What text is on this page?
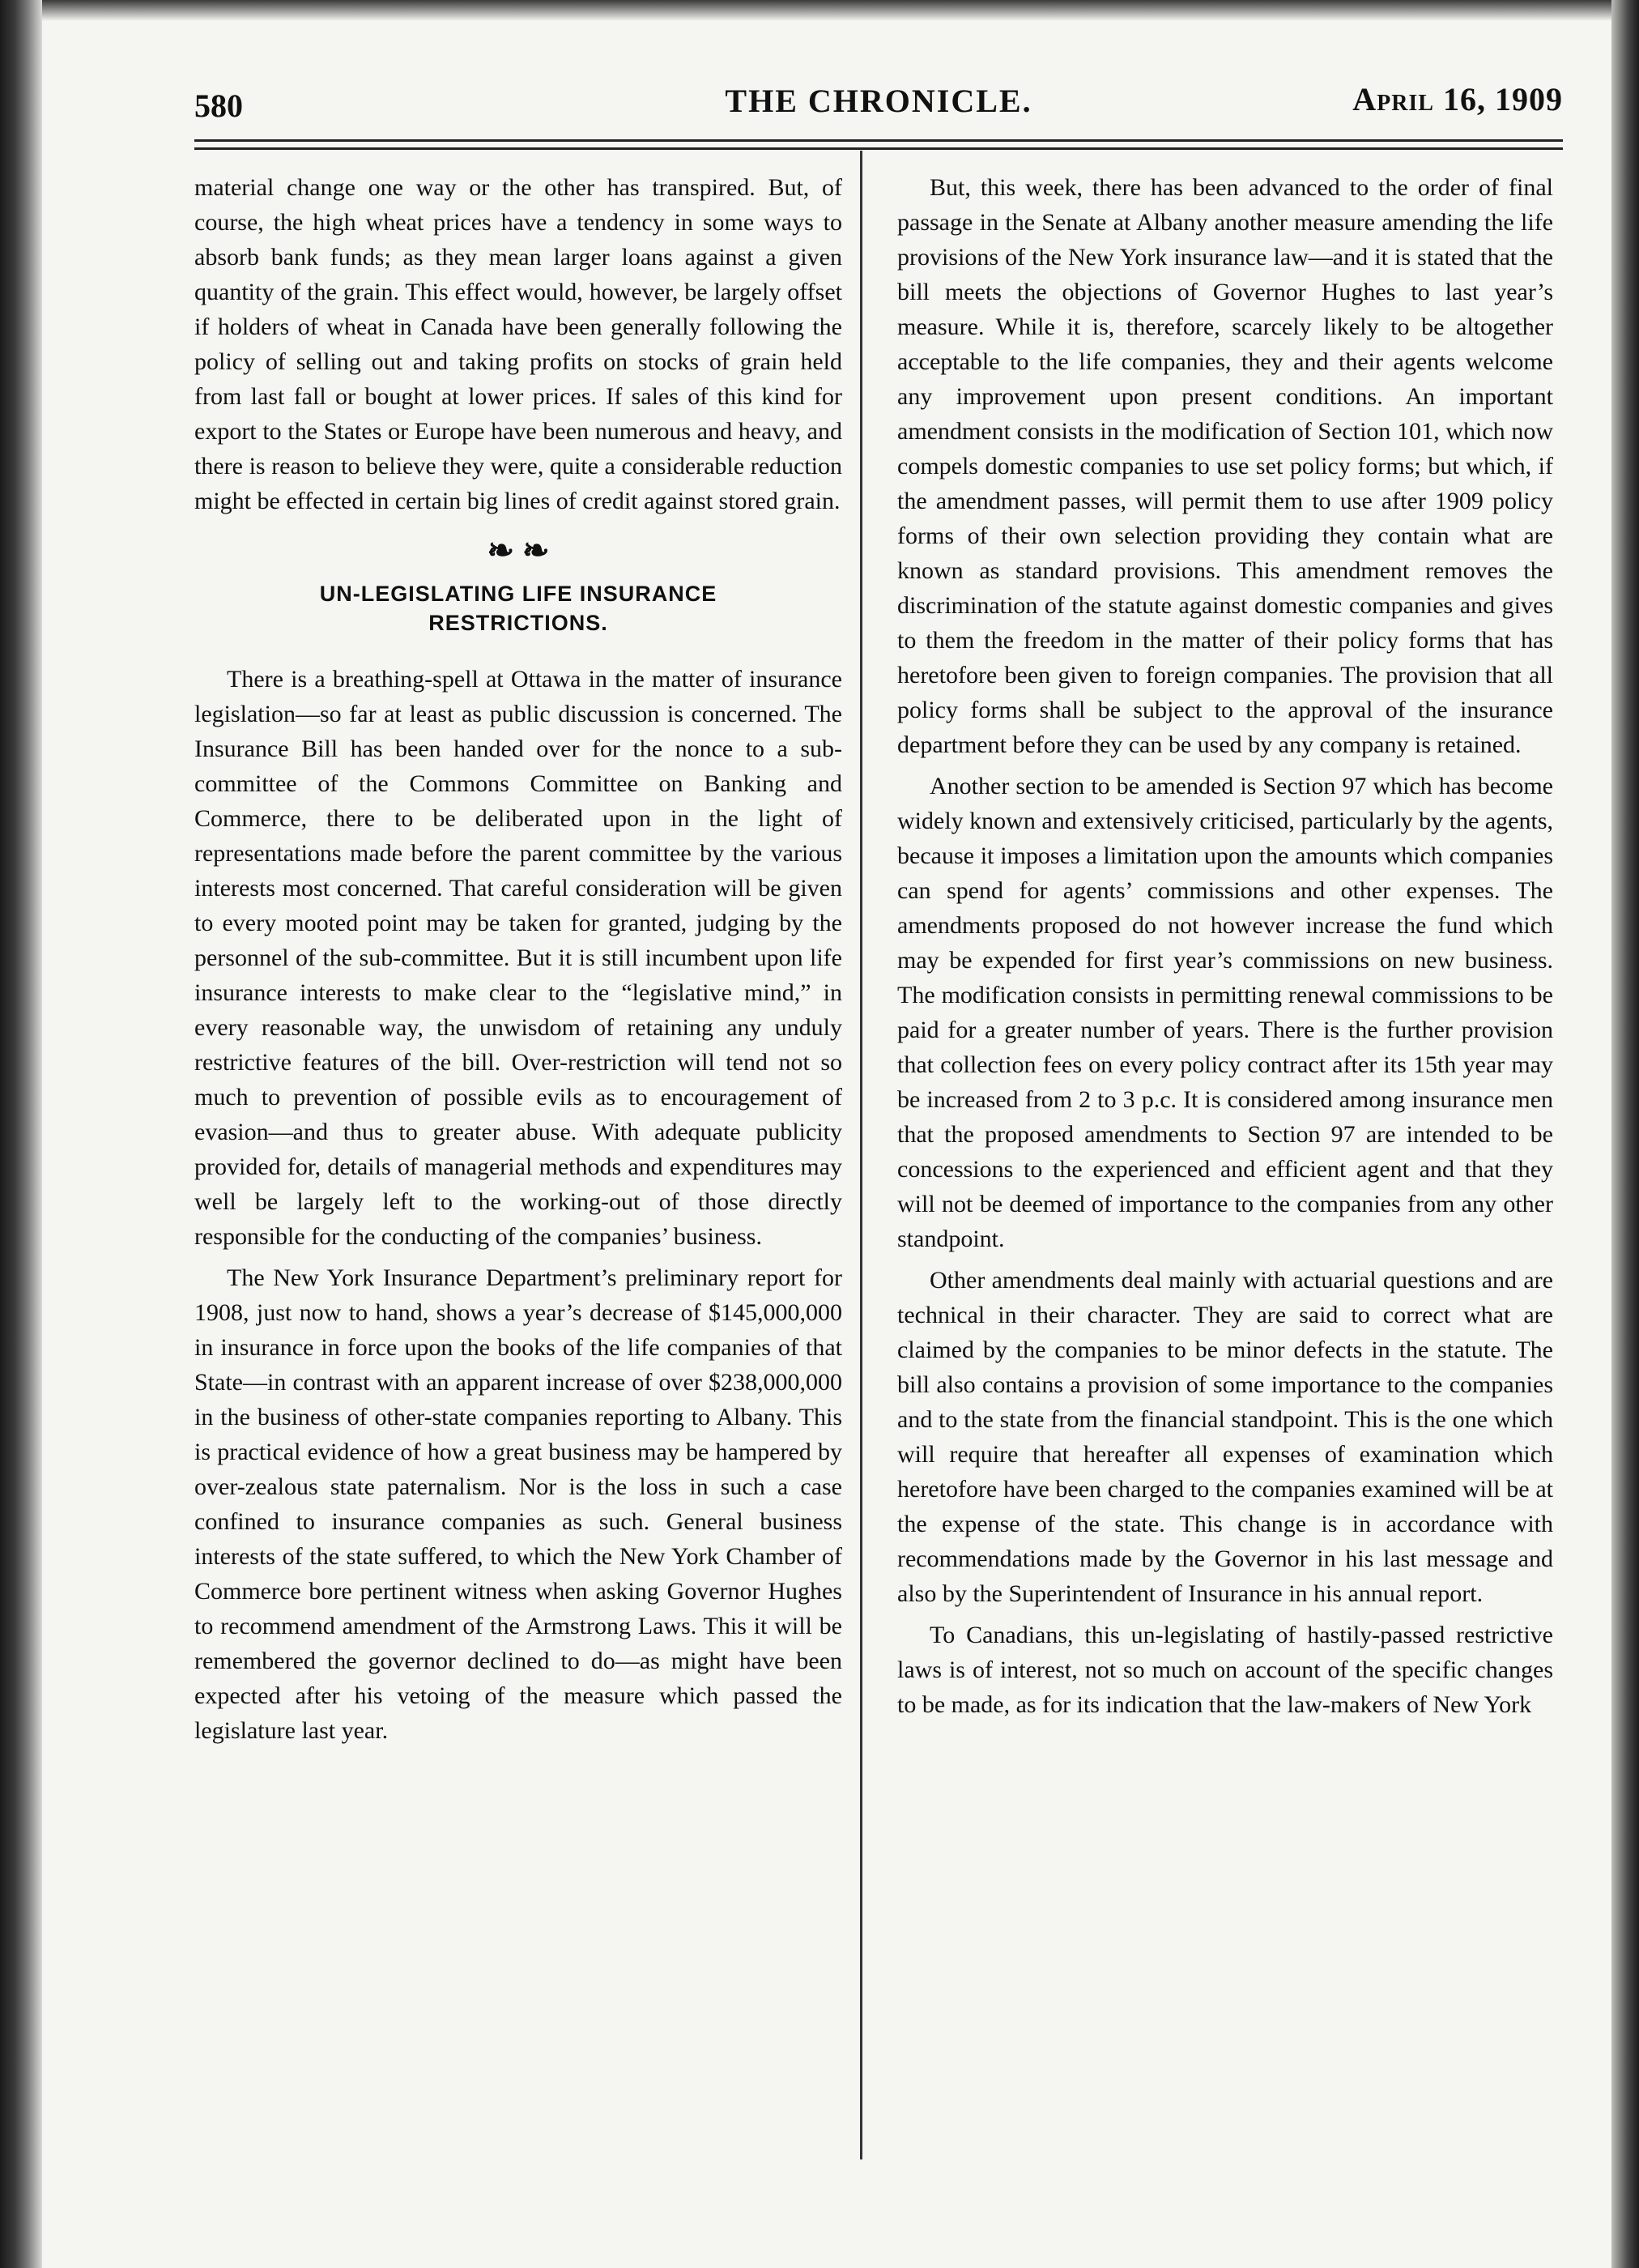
580	THE CHRONICLE.	April 16, 1909

material change one way or the other has transpired. But, of course, the high wheat prices have a tendency in some ways to absorb bank funds; as they mean larger loans against a given quantity of the grain. This effect would, however, be largely offset if holders of wheat in Canada have been generally following the policy of selling out and taking profits on stocks of grain held from last fall or bought at lower prices. If sales of this kind for export to the States or Europe have been numerous and heavy, and there is reason to believe they were, quite a considerable reduction might be effected in certain big lines of credit against stored grain.

❧ ❧
UN-LEGISLATING LIFE INSURANCE
RESTRICTIONS.

There is a breathing-spell at Ottawa in the matter of insurance legislation—so far at least as public discussion is concerned. The Insurance Bill has been handed over for the nonce to a sub-committee of the Commons Committee on Banking and Commerce, there to be deliberated upon in the light of representations made before the parent committee by the various interests most concerned. That careful consideration will be given to every mooted point may be taken for granted, judging by the personnel of the sub-committee. But it is still incumbent upon life insurance interests to make clear to the “legislative mind,” in every reasonable way, the unwisdom of retaining any unduly restrictive features of the bill. Over-restriction will tend not so much to prevention of possible evils as to encouragement of evasion—and thus to greater abuse. With adequate publicity provided for, details of managerial methods and expenditures may well be largely left to the working-out of those directly responsible for the conducting of the companies’ business.

The New York Insurance Department’s preliminary report for 1908, just now to hand, shows a year’s decrease of $145,000,000 in insurance in force upon the books of the life companies of that State—in contrast with an apparent increase of over $238,000,000 in the business of other-state companies reporting to Albany. This is practical evidence of how a great business may be hampered by over-zealous state paternalism. Nor is the loss in such a case confined to insurance companies as such. General business interests of the state suffered, to which the New York Chamber of Commerce bore pertinent witness when asking Governor Hughes to recommend amendment of the Armstrong Laws. This it will be remembered the governor declined to do—as might have been expected after his vetoing of the measure which passed the legislature last year.

But, this week, there has been advanced to the order of final passage in the Senate at Albany another measure amending the life provisions of the New York insurance law—and it is stated that the bill meets the objections of Governor Hughes to last year’s measure. While it is, therefore, scarcely likely to be altogether acceptable to the life companies, they and their agents welcome any improvement upon present conditions. An important amendment consists in the modification of Section 101, which now compels domestic companies to use set policy forms; but which, if the amendment passes, will permit them to use after 1909 policy forms of their own selection providing they contain what are known as standard provisions. This amendment removes the discrimination of the statute against domestic companies and gives to them the freedom in the matter of their policy forms that has heretofore been given to foreign companies. The provision that all policy forms shall be subject to the approval of the insurance department before they can be used by any company is retained.

Another section to be amended is Section 97 which has become widely known and extensively criticised, particularly by the agents, because it imposes a limitation upon the amounts which companies can spend for agents’ commissions and other expenses. The amendments proposed do not however increase the fund which may be expended for first year’s commissions on new business. The modification consists in permitting renewal commissions to be paid for a greater number of years. There is the further provision that collection fees on every policy contract after its 15th year may be increased from 2 to 3 p.c. It is considered among insurance men that the proposed amendments to Section 97 are intended to be concessions to the experienced and efficient agent and that they will not be deemed of importance to the companies from any other standpoint.

Other amendments deal mainly with actuarial questions and are technical in their character. They are said to correct what are claimed by the companies to be minor defects in the statute. The bill also contains a provision of some importance to the companies and to the state from the financial standpoint. This is the one which will require that hereafter all expenses of examination which heretofore have been charged to the companies examined will be at the expense of the state. This change is in accordance with recommendations made by the Governor in his last message and also by the Superintendent of Insurance in his annual report.

To Canadians, this un-legislating of hastily-passed restrictive laws is of interest, not so much on account of the specific changes to be made, as for its indication that the law-makers of New York
